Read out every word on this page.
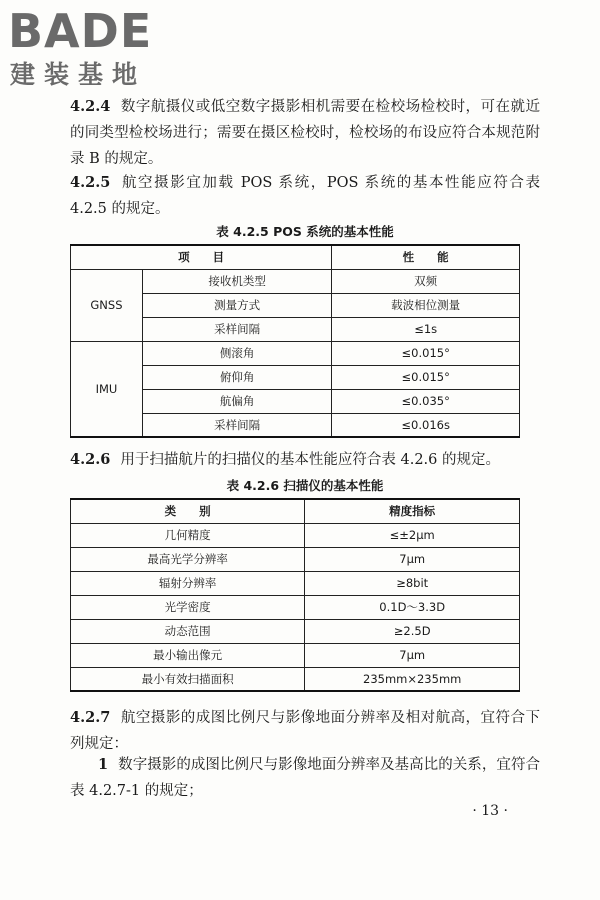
BADE
建装基地
4.2.4 数字航摄仪或低空数字摄影相机需要在检校场检校时，可在就近的同类型检校场进行；需要在摄区检校时，检校场的布设应符合本规范附录 B 的规定。
4.2.5 航空摄影宜加载 POS 系统，POS 系统的基本性能应符合表 4.2.5 的规定。
表 4.2.5 POS 系统的基本性能
项　　目		性　　能
GNSS	接收机类型	双频
	测量方式	载波相位测量
	采样间隔	≤1s
IMU	侧滚角	≤0.015°
	俯仰角	≤0.015°
	航偏角	≤0.035°
	采样间隔	≤0.016s
4.2.6 用于扫描航片的扫描仪的基本性能应符合表 4.2.6 的规定。
表 4.2.6 扫描仪的基本性能
类　　别	精度指标
几何精度	≤±2μm
最高光学分辨率	7μm
辐射分辨率	≥8bit
光学密度	0.1D～3.3D
动态范围	≥2.5D
最小输出像元	7μm
最小有效扫描面积	235mm×235mm
4.2.7 航空摄影的成图比例尺与影像地面分辨率及相对航高，宜符合下列规定：
1 数字摄影的成图比例尺与影像地面分辨率及基高比的关系，宜符合表 4.2.7-1 的规定；
· 13 ·
